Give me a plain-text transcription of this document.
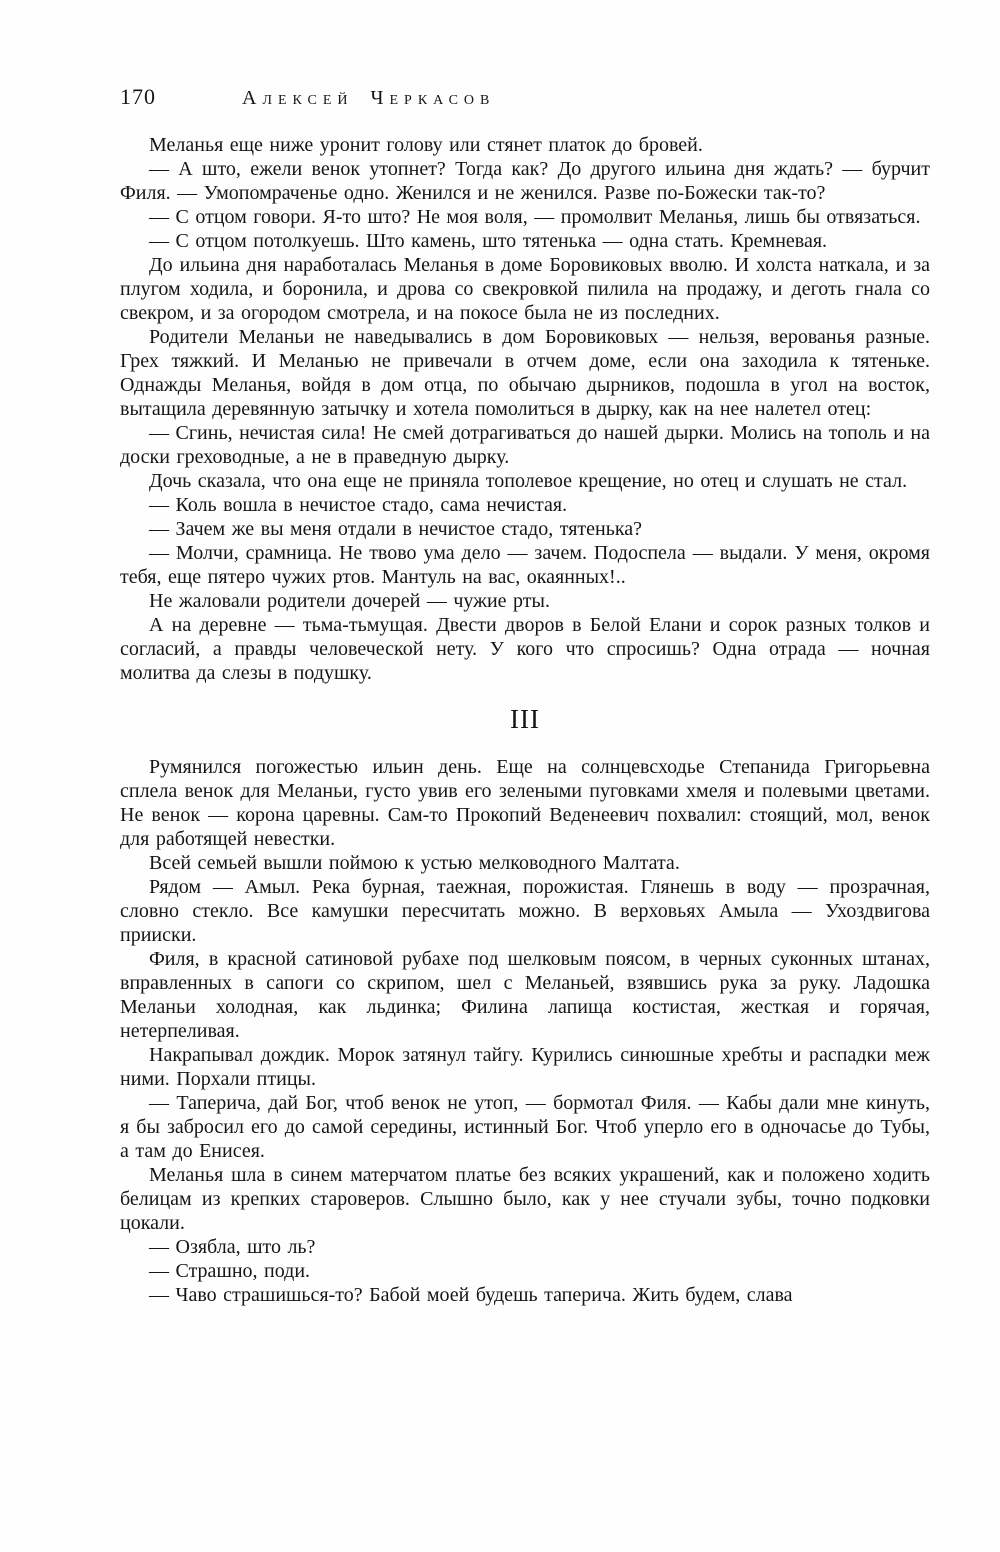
170	Алексей Черкасов

Меланья еще ниже уронит голову или стянет платок до бровей.

— А што, ежели венок утопнет? Тогда как? До другого ильина дня ждать? — бурчит Филя. — Умопомраченье одно. Женился и не женился. Разве по-Божески так-то?

— С отцом говори. Я-то што? Не моя воля, — промолвит Меланья, лишь бы отвязаться.

— С отцом потолкуешь. Што камень, што тятенька — одна стать. Кремневая.

До ильина дня наработалась Меланья в доме Боровиковых вволю. И холста наткала, и за плугом ходила, и боронила, и дрова со свекровкой пилила на продажу, и деготь гнала со свекром, и за огородом смотрела, и на покосе была не из последних.

Родители Меланьи не наведывались в дом Боровиковых — нельзя, верованья разные. Грех тяжкий. И Меланью не привечали в отчем доме, если она заходила к тятеньке. Однажды Меланья, войдя в дом отца, по обычаю дырников, подошла в угол на восток, вытащила деревянную затычку и хотела помолиться в дырку, как на нее налетел отец:

— Сгинь, нечистая сила! Не смей дотрагиваться до нашей дырки. Молись на тополь и на доски греховодные, а не в праведную дырку.

Дочь сказала, что она еще не приняла тополевое крещение, но отец и слушать не стал.

— Коль вошла в нечистое стадо, сама нечистая.

— Зачем же вы меня отдали в нечистое стадо, тятенька?

— Молчи, срамница. Не твово ума дело — зачем. Подоспела — выдали. У меня, окромя тебя, еще пятеро чужих ртов. Мантуль на вас, окаянных!..

Не жаловали родители дочерей — чужие рты.

А на деревне — тьма-тьмущая. Двести дворов в Белой Елани и сорок разных толков и согласий, а правды человеческой нету. У кого что спросишь? Одна отрада — ночная молитва да слезы в подушку.

III

Румянился погожестью ильин день. Еще на солнцевсходье Степанида Григорьевна сплела венок для Меланьи, густо увив его зелеными пуговками хмеля и полевыми цветами. Не венок — корона царевны. Сам-то Прокопий Веденеевич похвалил: стоящий, мол, венок для работящей невестки.

Всей семьей вышли поймою к устью мелководного Малтата.

Рядом — Амыл. Река бурная, таежная, порожистая. Глянешь в воду — прозрачная, словно стекло. Все камушки пересчитать можно. В верховьях Амыла — Ухоздвигова прииски.

Филя, в красной сатиновой рубахе под шелковым поясом, в черных суконных штанах, вправленных в сапоги со скрипом, шел с Меланьей, взявшись рука за руку. Ладошка Меланьи холодная, как льдинка; Филина лапища костистая, жесткая и горячая, нетерпеливая.

Накрапывал дождик. Морок затянул тайгу. Курились синюшные хребты и распадки меж ними. Порхали птицы.

— Таперича, дай Бог, чтоб венок не утоп, — бормотал Филя. — Кабы дали мне кинуть, я бы забросил его до самой середины, истинный Бог. Чтоб уперло его в одночасье до Тубы, а там до Енисея.

Меланья шла в синем матерчатом платье без всяких украшений, как и положено ходить белицам из крепких староверов. Слышно было, как у нее стучали зубы, точно подковки цокали.

— Озябла, што ль?

— Страшно, поди.

— Чаво страшишься-то? Бабой моей будешь таперича. Жить будем, слава
